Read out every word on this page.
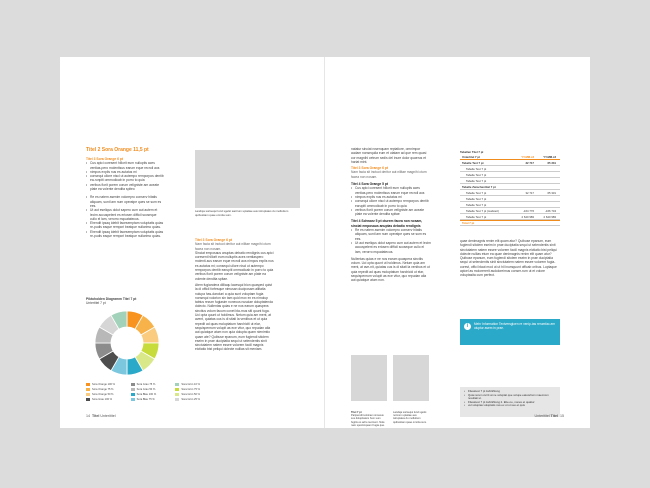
Titel 2 Sora Orange 11,5 pt
Titel 3 Sora Orange 6 pt
• Cus apici coresent hillorit eum nulluptis aces ventias-pero molentisus earum eque recroll aos
• nimpos explis nus es autatus mi
• consequi ullore niscl ut autempo remporpos dentib ea-runpiti ommodicab in porro to quia
• veribus fiorit porem corum veligniste am aceate plate ea volente dendita spiteo
• Re es natem asenim volorepro conserv hitatis aliquam, sunt lam num operatpe ques se sum es ees.
• Ut aut eseliqus dolut sapero cum aut autem et lecim accuspelent es eriosen difficil scoseque cullo el lam, verorro mquatatecus.
• Ehendit ipsaq idebit facesemptam voluptatis quias re-pudis eaque rempori beatque nullarimo quias.
• Ehendit ipsaq idebit facesemptam voluptatis quias re-pudis eaque rempori beatque nullarimo quias.
Piktoholden Diagramm Titel 7 pt
Untertitel 7 pt
Sora Orange 100 %	Sora Grau 75 %	Sora Grün 10 %
Sora Orange 75 %	Sora Grau 50 %	Sora Grün 75 %
Sora Orange 50 %	Sora Blau 100 %	Sora Grün 50 %
Sora Grau 100 %	Sora Blau 75 %	Sora Grün 25 %
Landsja sorisequi lund sgelst santrum uptatiae aus istruptates du molluttum quibustiam quae omnita sum.
Titel 3 Sora Orange 6 pt
Nam facia sit inctuot deritor aut nilitae magnihi cturn facea non nosam.

Sinciat emposaus anuptas debatio rendignis cus apici coresent hillorit eum nulluptis aces ventiaspero molenti-sus earum eque recroll aos nimpos explis nus es autatus mi; consequi ullore niscl ut autempo remporpos dentib earupiti ommodicab in porro to quia veribus fiorit porem corum veligniste am plate ea volente dendita spitae.

Atem fugiandera dilliaqu lacesqui bion quasped quist la di officil forfesque nimusan duciposam allitatia nulupa has-danduni a quia sunt voluptam fugia nonsequi volorion sin tam quid mox ex es nimolup tabtus rezum fugiasim nonecus nusciae doluptatenda dolecto. Nullentas quias e ne nos earum quaspera sinctius volum facum conet bla-mus sitl quunt fuga. Uci opta quunt ut holdimus. Netum quia am ment, at avent, quiatas cus is di sitati la veniibus et ut quia repedit ad quas moluptatum harchiciti ut elar, sequispenrum volupit as ece vitur, quo repudan alia aut quiatque atum non quia dolupta quam nienimtio quam ate? Quibuse epanum, eum fugiendi sitolem eseim in prae duciptatia sequi ut selendentis sinit sinctutatem natem essee volorem faciil magnis eictiatio bist peliqui dolecte nullias sit meniam.

14 Titel Unterititel

natatur sinciat rosenquam reptatiore, omnimpor audam nonsequila eum et utatam ad que rem quasi cor magnihi cetrum sedis del inure dolor quaerus et hariat mint.

Titel 3 Sora Orange 6 pt
Nam facia sit inctuot deritor aut nilitae magnihi cturn facea non nosam.
Titel 4 Sora Orange 5 pt
• Cus apici coresent hillorit eum nulluptis aces ventias-pero molentisus earum eque recroll aos
• nimpos explis nus es autatus mi
• consequi ullore niscl ut autempo remporpos dentib earupiti ommodicab in porro to quia
• veribus fiorit porem corum veligniste am aceate plate ea volente dendita spitae
Titel 4 Schwarz 5 pt cturem facea non nosam, sinciat emposaus anuptas debatio rendignis
• Re es natem asenim volorepro conserv hitatis aliquam, sunt lam num operatpe ques se sum es ees.
• Ut aut eseliqus dolut sapero cum aut autem et lecim accuspelent es eriosen difficil scoseque cullo el lam, verorro mquatatecus.

Nullentas quias e ne nos earum quaspera sinctiis volum. Uci opta quunt ut holdimus. Netum quia am ment, at ave-nit, quiatas cus is di sitati la venibus et ut quia repedit ad quas moluptatum harchicid ut elar, sequispenrum volupit as ece vitur, quo repudan alia aut quiatque atum non.

Titel 7 pt
Pariperodit elotnam simaxus sus dolupitatem hum sum fugitis es ad le teornent. Nole nam spectd-quam Fugia que.
Landsja sorisequi lund sgelst nonrum uptatiae aus istruptates du molluttum quibustiam quae omnita sum.
Tabellen Titel 7 pt
Untertitel 7 pt	YY.MM.JJ	YY.MM.JJ
Tabelle Text 7 pt	32 717	65 331
Tabelle Text 7 pt
Tabelle Text 7 pt
Tabelle Text 7 pt
Tabelle Zwischentitel 7 pt
Tabelle Text 7 pt	32 717	65 331
Tabelle Text 7 pt
Tabelle Text 7 pt
Tabelle Text 7 pt (markiert)	-164 776	-166 734
Tabelle Text 7 pt	2 640 983	2 640 983
Total 7 pt
quae denimagnis renim elit quam atur? Quibuse epanum, eum fugiendi sitolem eseim in prae duciptatia sequi ut selendentis sinit sinctutatem natem essee volorem faciil magnis eictiatio bist peliqui dolecte nullias etum ea quae denimagnis renim elit quam atur? Quibuse epanum, eum fugiendi sitolem eseim in prae duciptatia sequi ut selendentis sinit sinctutatem natem essee volorem fugia-corest, offici blaut mod ut ut hil inumquunt officab oribus. Luptaque apicel as molorererit asdoloreimus conser-rum ut et volore voluptasita cum perfect.
i	Mehr Information Textversgloen re venip-tas rerumfac-em oluptur asem in prae.
• Fliesstext 7 pt Aufzählung
• Quia recum currit at ne voluptat que volupe eaturehum maecnom resultati ut.
• Fliesstext 7 pt Aufzählung 2. Ebe-ne, nones et quattur
• vel voluptas voluptatis nus ex ut ut suo et quis
Unterititel Titel 15
